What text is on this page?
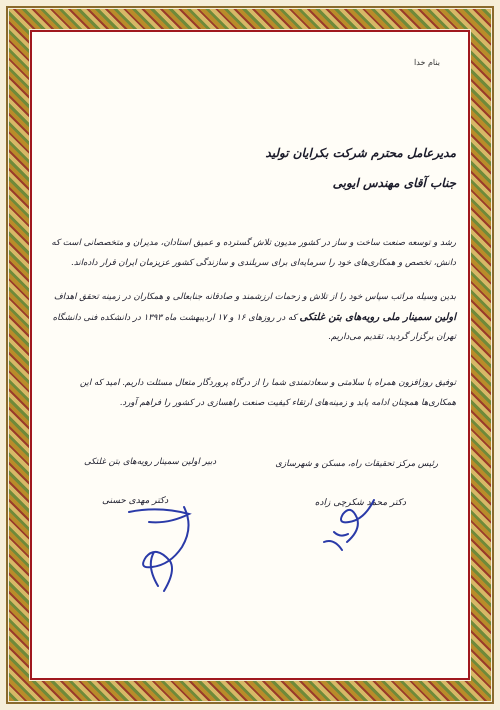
بنام خدا
مدیرعامل محترم شرکت بکرایان تولید
جناب آقای مهندس ایوبی
رشد و توسعه صنعت ساخت و ساز در کشور مدیون تلاش گسترده و عمیق استادان، مدیران و متخصصانی است که دانش، تخصص و همکاری‌های خود را سرمایه‌ای برای سربلندی و سازندگی کشور عزیزمان ایران قرار داده‌اند.
بدین وسیله مراتب سپاس خود را از تلاش و زحمات ارزشمند و صادقانه جنابعالی و همکاران در زمینه تحقق اهداف اولین سمینار ملی رویه‌های بتن غلتکی که در روزهای ۱۶ و ۱۷ اردیبهشت ماه ۱۳۹۳ در دانشکده فنی دانشگاه تهران برگزار گردید، تقدیم می‌داریم.
توفیق روزافزون همراه با سلامتی و سعادتمندی شما را از درگاه پروردگار متعال مسئلت داریم. امید که این همکاری‌ها همچنان ادامه یابد و زمینه‌های ارتقاء کیفیت صنعت راهسازی در کشور را فراهم آورد.
رئیس مرکز تحقیقات راه، مسکن و شهرسازی
دکتر محمد شکرچی زاده
دبیر اولین سمینار رویه‌های بتن غلتکی
دکتر مهدی حسنی
